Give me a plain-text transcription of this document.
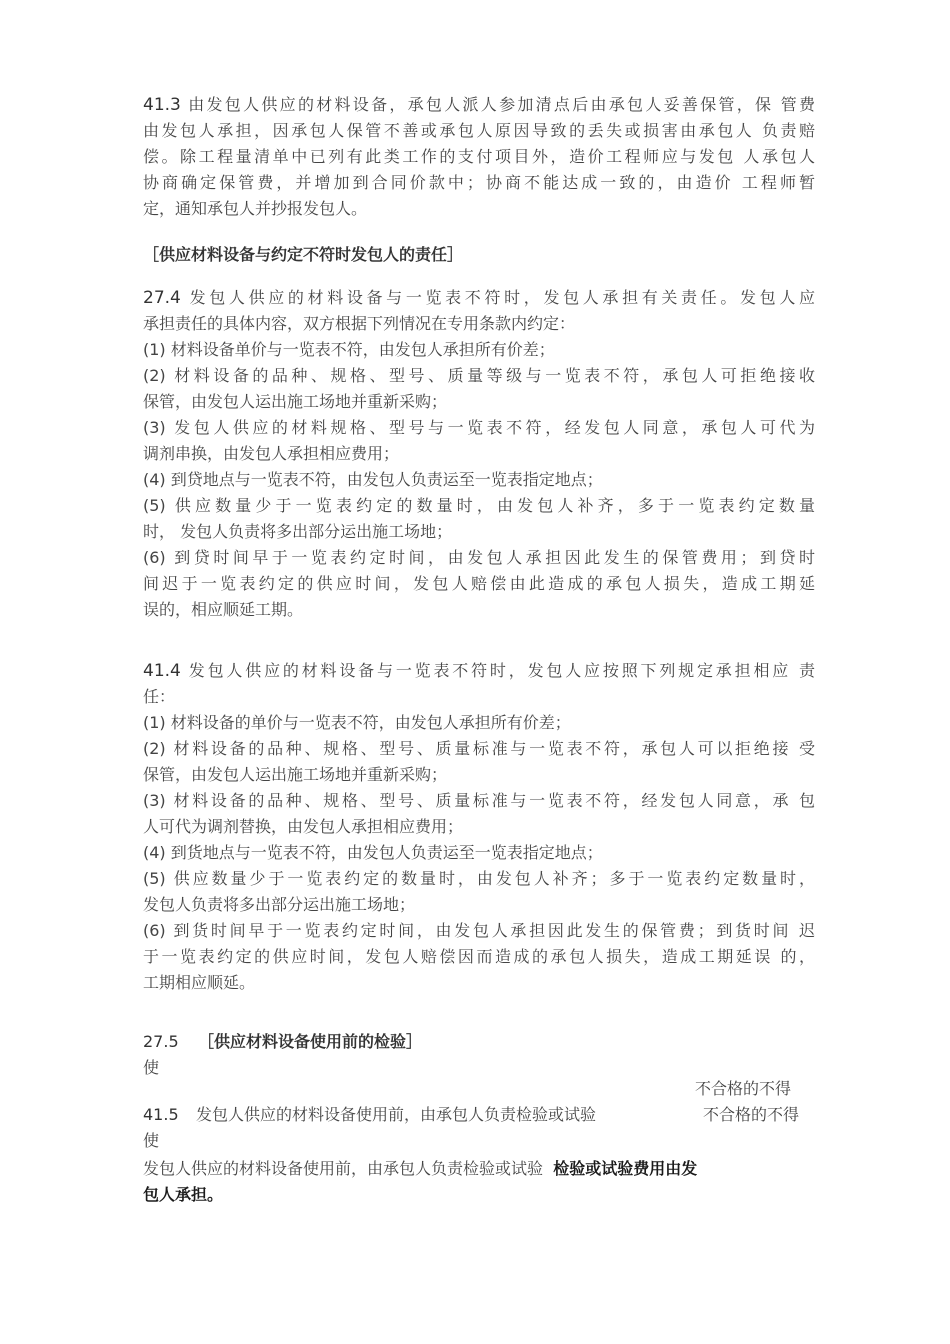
41.3 由发包人供应的材料设备，承包人派人参加清点后由承包人妥善保管，保 管费
由发包人承担，因承包人保管不善或承包人原因导致的丢失或损害由承包人 负责赔
偿。除工程量清单中已列有此类工作的支付项目外，造价工程师应与发包 人承包人
协商确定保管费，并增加到合同价款中；协商不能达成一致的，由造价 工程师暂
定，通知承包人并抄报发包人。
［供应材料设备与约定不符时发包人的责任］
27.4 发包人供应的材料设备与一览表不符时，发包人承担有关责任。发包人应
承担责任的具体内容，双方根据下列情况在专用条款内约定：
(1) 材料设备单价与一览表不符，由发包人承担所有价差；
(2) 材料设备的品种、规格、型号、质量等级与一览表不符，承包人可拒绝接收
保管，由发包人运出施工场地并重新采购；
(3) 发包人供应的材料规格、型号与一览表不符，经发包人同意，承包人可代为
调剂串换，由发包人承担相应费用；
(4) 到贷地点与一览表不符，由发包人负责运至一览表指定地点；
(5) 供应数量少于一览表约定的数量时，由发包人补齐，多于一览表约定数量
时， 发包人负责将多出部分运出施工场地；
(6) 到贷时间早于一览表约定时间，由发包人承担因此发生的保管费用；到贷时
间迟于一览表约定的供应时间，发包人赔偿由此造成的承包人损失，造成工期延
误的，相应顺延工期。
41.4 发包人供应的材料设备与一览表不符时，发包人应按照下列规定承担相应 责
任：
(1) 材料设备的单价与一览表不符，由发包人承担所有价差；
(2) 材料设备的品种、规格、型号、质量标准与一览表不符，承包人可以拒绝接 受
保管，由发包人运出施工场地并重新采购；
(3) 材料设备的品种、规格、型号、质量标准与一览表不符，经发包人同意，承 包
人可代为调剂替换，由发包人承担相应费用；
(4) 到货地点与一览表不符，由发包人负责运至一览表指定地点；
(5) 供应数量少于一览表约定的数量时，由发包人补齐；多于一览表约定数量时，
发包人负责将多出部分运出施工场地；
(6) 到货时间早于一览表约定时间，由发包人承担因此发生的保管费；到货时间 迟
于一览表约定的供应时间，发包人赔偿因而造成的承包人损失，造成工期延误 的，
工期相应顺延。
27.5 ［供应材料设备使用前的检验］
使
不合格的不得
41.5 发包人供应的材料设备使用前，由承包人负责检验或试验	不合格的不得
使
发包人供应的材料设备使用前，由承包人负责检验或试验 检验或试验费用由发
包人承担。
